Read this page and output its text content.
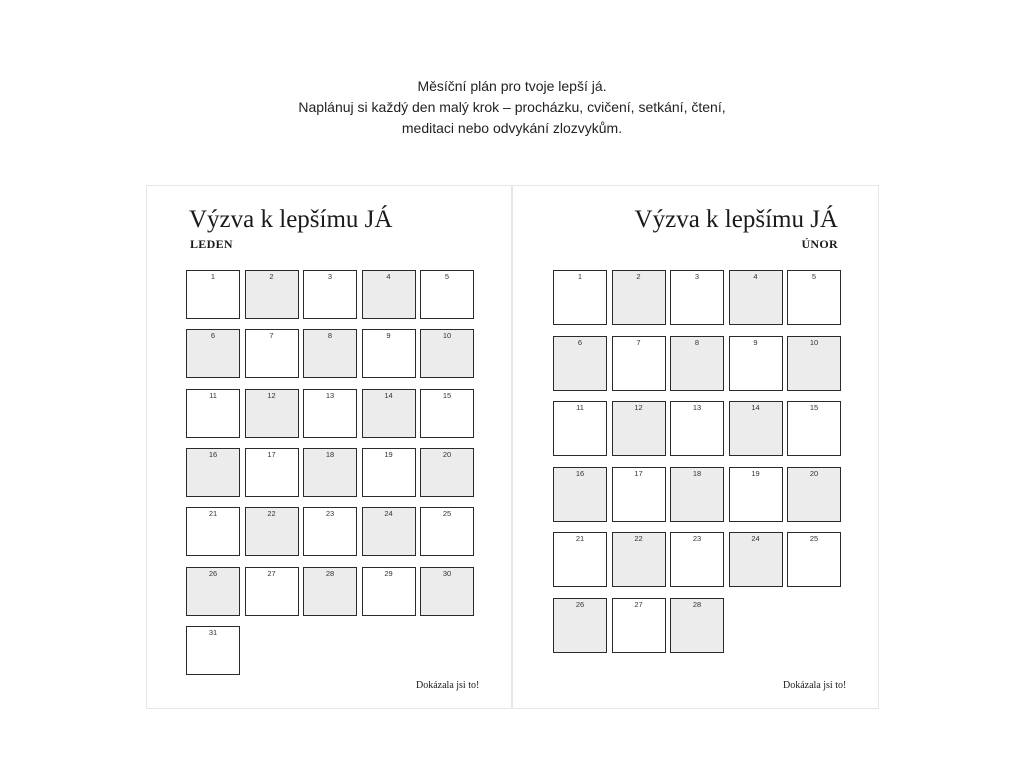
Měsíční plán pro tvoje lepší já.
Naplánuj si každý den malý krok – procházku, cvičení, setkání, čtení,
meditaci nebo odvykání zlozvykům.
Výzva k lepšímu JÁ
LEDEN
Dokázala jsi to!
Výzva k lepšímu JÁ
ÚNOR
Dokázala jsi to!
1	2	3	4	5
6	7	8	9	10
11	12	13	14	15
16	17	18	19	20
21	22	23	24	25
26	27	28	29	30
31
1	2	3	4	5
6	7	8	9	10
11	12	13	14	15
16	17	18	19	20
21	22	23	24	25
26	27	28
